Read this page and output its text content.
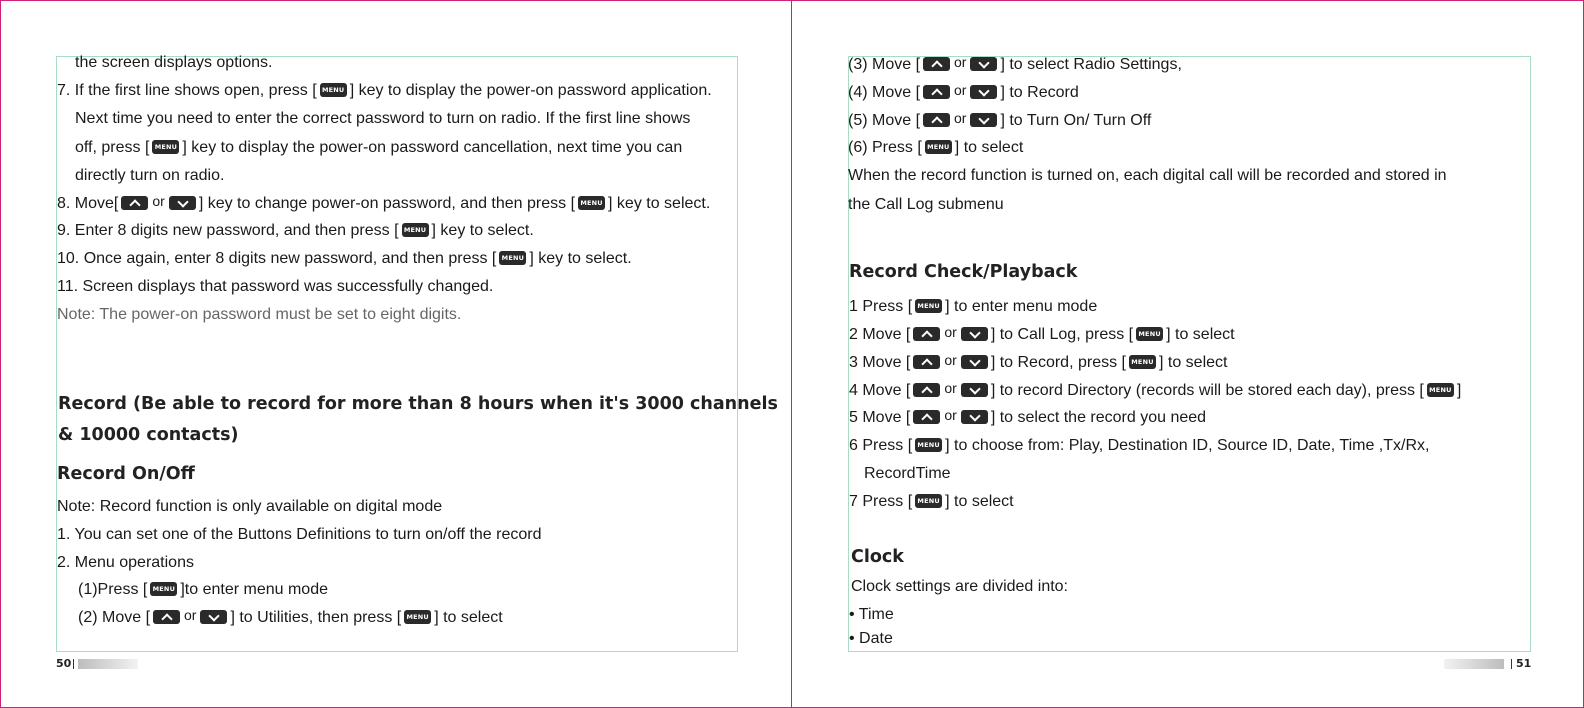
the screen displays options.
7. If the first line shows open, press [ MENU ] key to display the power-on password application.
Next time you need to enter the correct password to turn on radio. If the first line shows
off, press [ MENU ] key to display the power-on password cancellation, next time you can
directly turn on radio.
8. Move[ or ] key to change power-on password, and then press [ MENU ] key to select.
9. Enter 8 digits new password, and then press [ MENU ] key to select.
10. Once again, enter 8 digits new password, and then press [ MENU ] key to select.
11. Screen displays that password was successfully changed.
Note: The power-on password must be set to eight digits.
Record (Be able to record for more than 8 hours when it's 3000 channels
& 10000 contacts)
Record On/Off
Note: Record function is only available on digital mode
1. You can set one of the Buttons Definitions to turn on/off the record
2. Menu operations
(1)Press [ MENU ]to enter menu mode
(2) Move [ or ] to Utilities, then press [ MENU ] to select
50
(3) Move [ or ] to select Radio Settings,
(4) Move [ or ] to Record
(5) Move [ or ] to Turn On/ Turn Off
(6) Press [ MENU ] to select
When the record function is turned on, each digital call will be recorded and stored in
the Call Log submenu
Record Check/Playback
1 Press [ MENU ] to enter menu mode
2 Move [ or ] to Call Log, press [ MENU ] to select
3 Move [ or ] to Record, press [ MENU ] to select
4 Move [ or ] to record Directory (records will be stored each day), press [ MENU ]
5 Move [ or ] to select the record you need
6 Press [ MENU ] to choose from: Play, Destination ID, Source ID, Date, Time ,Tx/Rx,
RecordTime
7 Press [ MENU ] to select
Clock
Clock settings are divided into:
• Time
• Date
51
